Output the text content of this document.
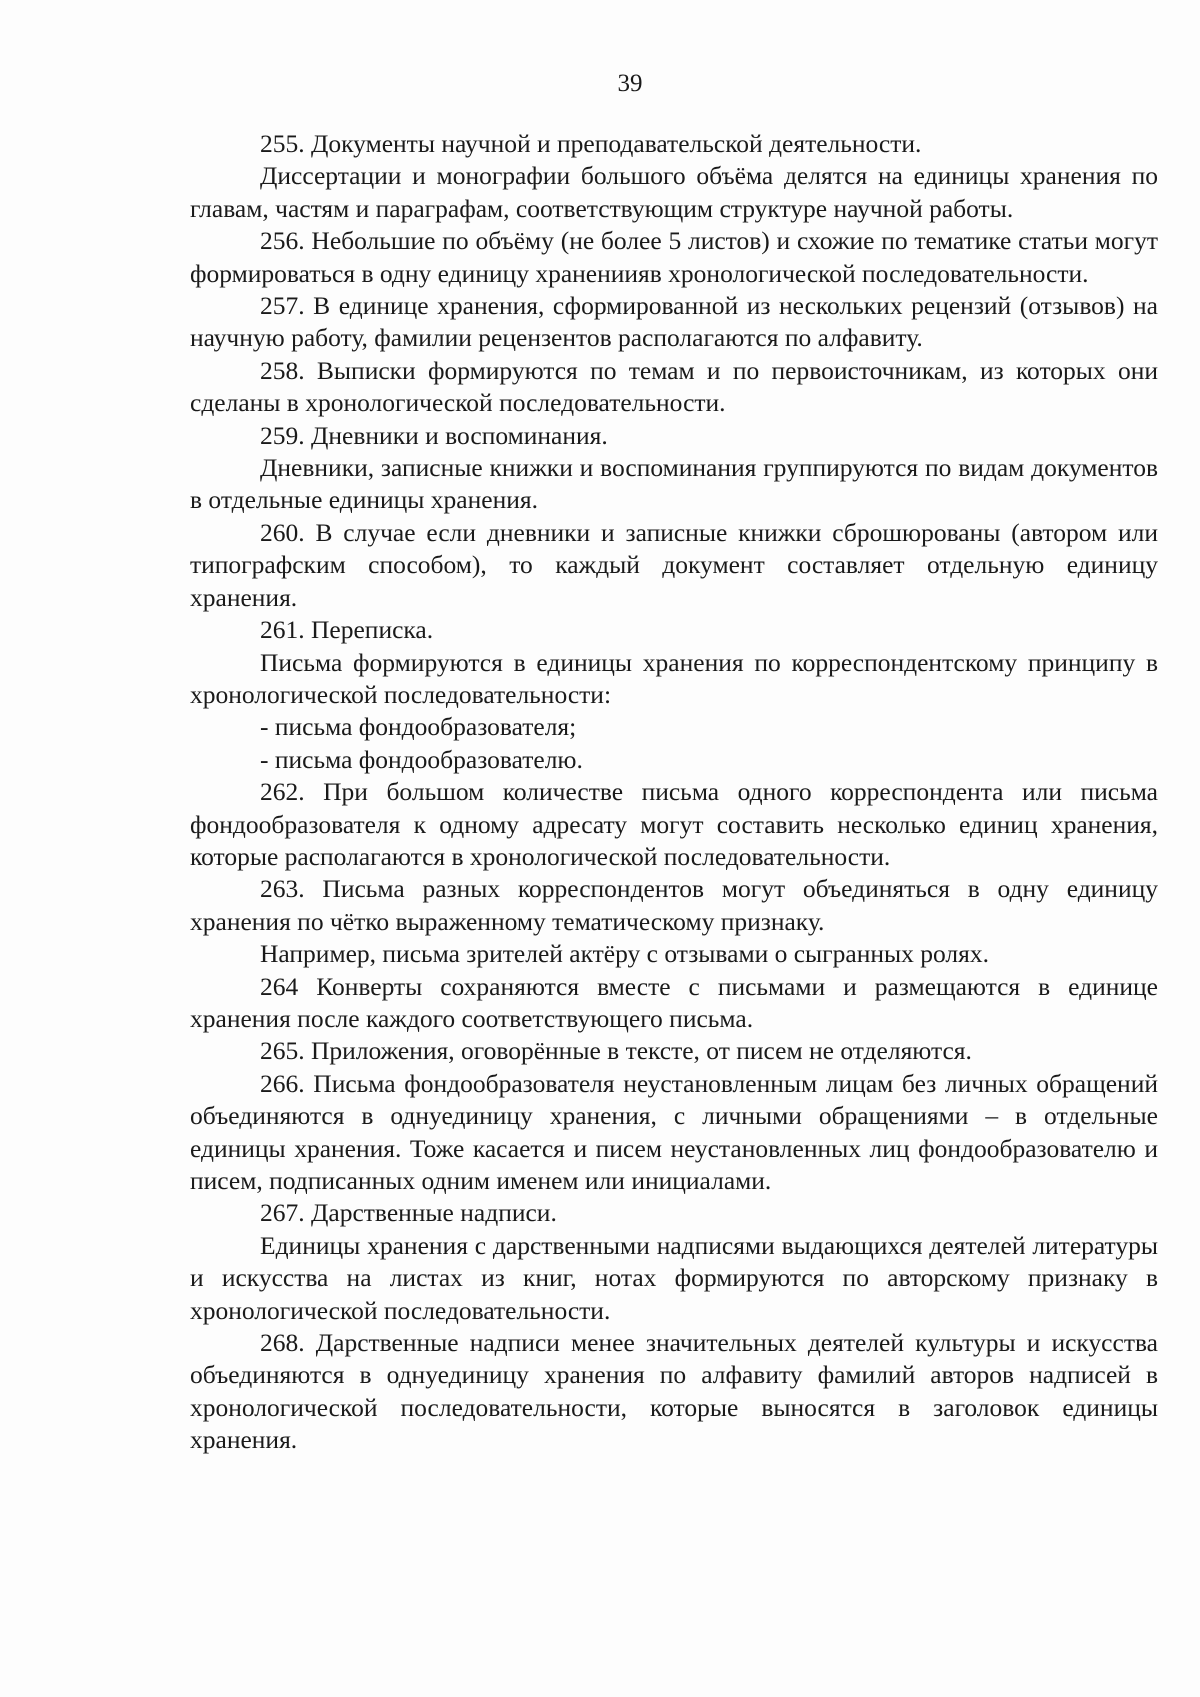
39

255. Документы научной и преподавательской деятельности.

Диссертации и монографии большого объёма делятся на единицы хранения по главам, частям и параграфам, соответствующим структуре научной работы.

256. Небольшие по объёму (не более 5 листов) и схожие по тематике статьи могут формироваться в одну единицу хранениияв хронологической последовательности.

257. В единице хранения, сформированной из нескольких рецензий (отзывов) на научную работу, фамилии рецензентов располагаются по алфавиту.

258. Выписки формируются по темам и по первоисточникам, из которых они сделаны в хронологической последовательности.

259. Дневники и воспоминания.

Дневники, записные книжки и воспоминания группируются по видам документов в отдельные единицы хранения.

260. В случае если дневники и записные книжки сброшюрованы (автором или типографским способом), то каждый документ составляет отдельную единицу хранения.

261. Переписка.

Письма формируются в единицы хранения по корреспондентскому принципу в хронологической последовательности:

- письма фондообразователя;

- письма фондообразователю.

262. При большом количестве письма одного корреспондента или письма фондообразователя к одному адресату могут составить несколько единиц хранения, которые располагаются в хронологической последовательности.

263. Письма разных корреспондентов могут объединяться в одну единицу хранения по чётко выраженному тематическому признаку.

Например, письма зрителей актёру с отзывами о сыгранных ролях.

264 Конверты сохраняются вместе с письмами и размещаются в единице хранения после каждого соответствующего письма.

265. Приложения, оговорённые в тексте, от писем не отделяются.

266. Письма фондообразователя неустановленным лицам без личных обращений объединяются в однуединицу хранения, с личными обращениями – в отдельные единицы хранения. Тоже касается и писем неустановленных лиц фондообразователю и писем, подписанных одним именем или инициалами.

267. Дарственные надписи.

Единицы хранения с дарственными надписями выдающихся деятелей литературы и искусства на листах из книг, нотах формируются по авторскому признаку в хронологической последовательности.

268. Дарственные надписи менее значительных деятелей культуры и искусства объединяются в однуединицу хранения по алфавиту фамилий авторов надписей в хронологической последовательности, которые выносятся в заголовок единицы хранения.
